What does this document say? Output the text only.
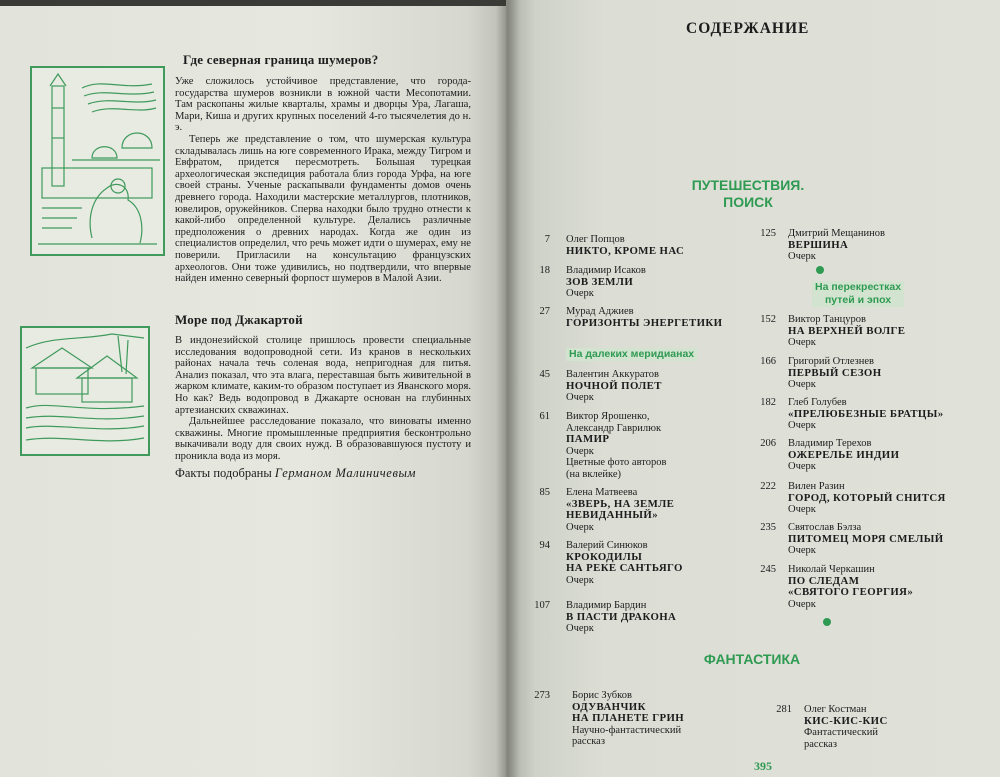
Где северная граница шумеров?

Уже сложилось устойчивое представление, что города-государства шумеров возникли в южной части Месопотамии. Там раскопаны жилые кварталы, храмы и дворцы Ура, Лагаша, Мари, Киша и других крупных поселений 4-го тысячелетия до н. э.

Теперь же представление о том, что шумерская культура складывалась лишь на юге современного Ирака, между Тигром и Евфратом, придется пересмотреть. Большая турецкая археологическая экспедиция работала близ города Урфа, на юге своей страны. Ученые раскапывали фундаменты домов очень древнего города. Находили мастерские металлургов, плотников, ювелиров, оружейников. Сперва находки было трудно отнести к какой-либо определенной культуре. Делались различные предположения о древних народах. Когда же один из специалистов определил, что речь может идти о шумерах, ему не поверили. Пригласили на консультацию французских археологов. Они тоже удивились, но подтвердили, что впервые найден именно северный форпост шумеров в Малой Азии.

Море под Джакартой

В индонезийской столице пришлось провести специальные исследования водопроводной сети. Из кранов в нескольких районах начала течь соленая вода, непригодная для питья. Анализ показал, что эта влага, переставшая быть живительной в жарком климате, каким-то образом поступает из Яванского моря. Но как? Ведь водопровод в Джакарте основан на глубинных артезианских скважинах.

Дальнейшее расследование показало, что виноваты именно скважины. Многие промышленные предприятия бесконтрольно выкачивали воду для своих нужд. В образовавшуюся пустоту и проникла вода из моря.

Факты подобраны Германом Малиничевым
СОДЕРЖАНИЕ
ПУТЕШЕСТВИЯ.
ПОИСК
7 Олег Попцов
НИКТО, КРОМЕ НАС
18 Владимир Исаков
ЗОВ ЗЕМЛИ
Очерк
27 Мурад Аджиев
ГОРИЗОНТЫ ЭНЕРГЕТИКИ
На далеких меридианах
45 Валентин Аккуратов
НОЧНОЙ ПОЛЕТ
Очерк
61 Виктор Ярошенко,
Александр Гаврилюк
ПАМИР
Очерк
Цветные фото авторов
(на вклейке)
85 Елена Матвеева
«ЗВЕРЬ, НА ЗЕМЛЕ
НЕВИДАННЫЙ»
Очерк
94 Валерий Синюков
КРОКОДИЛЫ
НА РЕКЕ САНТЬЯГО
Очерк
107 Владимир Бардин
В ПАСТИ ДРАКОНА
Очерк
125 Дмитрий Мещанинов
ВЕРШИНА
Очерк
На перекрестках
путей и эпох
152 Виктор Танцуров
НА ВЕРХНЕЙ ВОЛГЕ
Очерк
166 Григорий Отлезнев
ПЕРВЫЙ СЕЗОН
Очерк
182 Глеб Голубев
«ПРЕЛЮБЕЗНЫЕ БРАТЦЫ»
Очерк
206 Владимир Терехов
ОЖЕРЕЛЬЕ ИНДИИ
Очерк
222 Вилен Разин
ГОРОД, КОТОРЫЙ СНИТСЯ
Очерк
235 Святослав Бэлза
ПИТОМЕЦ МОРЯ СМЕЛЫЙ
Очерк
245 Николай Черкашин
ПО СЛЕДАМ
«СВЯТОГО ГЕОРГИЯ»
Очерк
ФАНТАСТИКА
273 Борис Зубков
ОДУВАНЧИК
НА ПЛАНЕТЕ ГРИН
Научно-фантастический
рассказ
281 Олег Костман
КИС-КИС-КИС
Фантастический
рассказ
395
